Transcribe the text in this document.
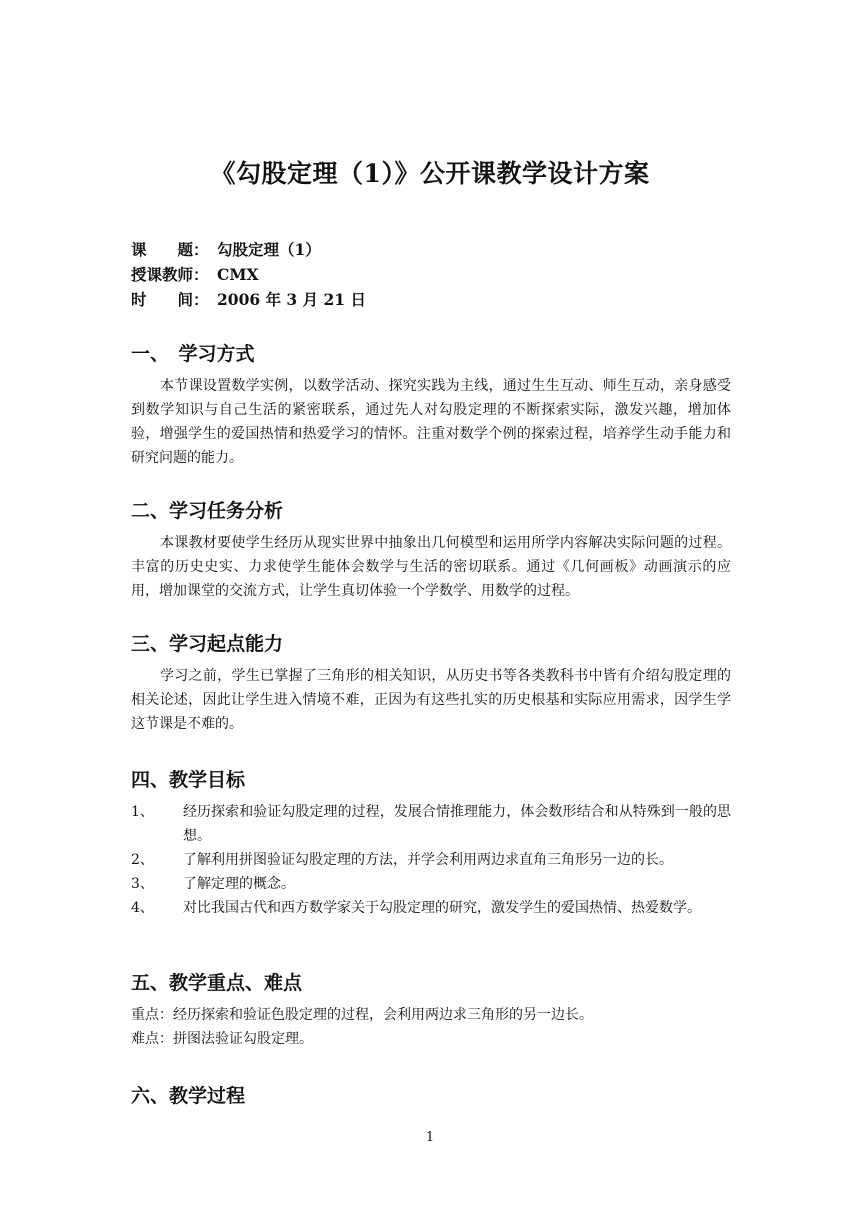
《勾股定理（1）》公开课教学设计方案
课　　题： 勾股定理（1）
授课教师： CMX
时　　间： 2006 年 3 月 21 日
一、　学习方式

本节课设置数学实例，以数学活动、探究实践为主线，通过生生互动、师生互动，亲身感受到数学知识与自己生活的紧密联系，通过先人对勾股定理的不断探索实际，激发兴趣，增加体验，增强学生的爱国热情和热爱学习的情怀。注重对数学个例的探索过程，培养学生动手能力和研究问题的能力。

二、学习任务分析

本课教材要使学生经历从现实世界中抽象出几何模型和运用所学内容解决实际问题的过程。丰富的历史史实、力求使学生能体会数学与生活的密切联系。通过《几何画板》动画演示的应用，增加课堂的交流方式，让学生真切体验一个学数学、用数学的过程。

三、学习起点能力

学习之前，学生已掌握了三角形的相关知识，从历史书等各类教科书中皆有介绍勾股定理的相关论述，因此让学生进入情境不难，正因为有这些扎实的历史根基和实际应用需求，因学生学这节课是不难的。

四、教学目标
1、	经历探索和验证勾股定理的过程，发展合情推理能力，体会数形结合和从特殊到一般的思想。
2、	了解利用拼图验证勾股定理的方法，并学会利用两边求直角三角形另一边的长。
3、	了解定理的概念。
4、	对比我国古代和西方数学家关于勾股定理的研究，激发学生的爱国热情、热爱数学。
五、教学重点、难点

重点：经历探索和验证色股定理的过程，会利用两边求三角形的另一边长。

难点：拼图法验证勾股定理。

六、教学过程
1
